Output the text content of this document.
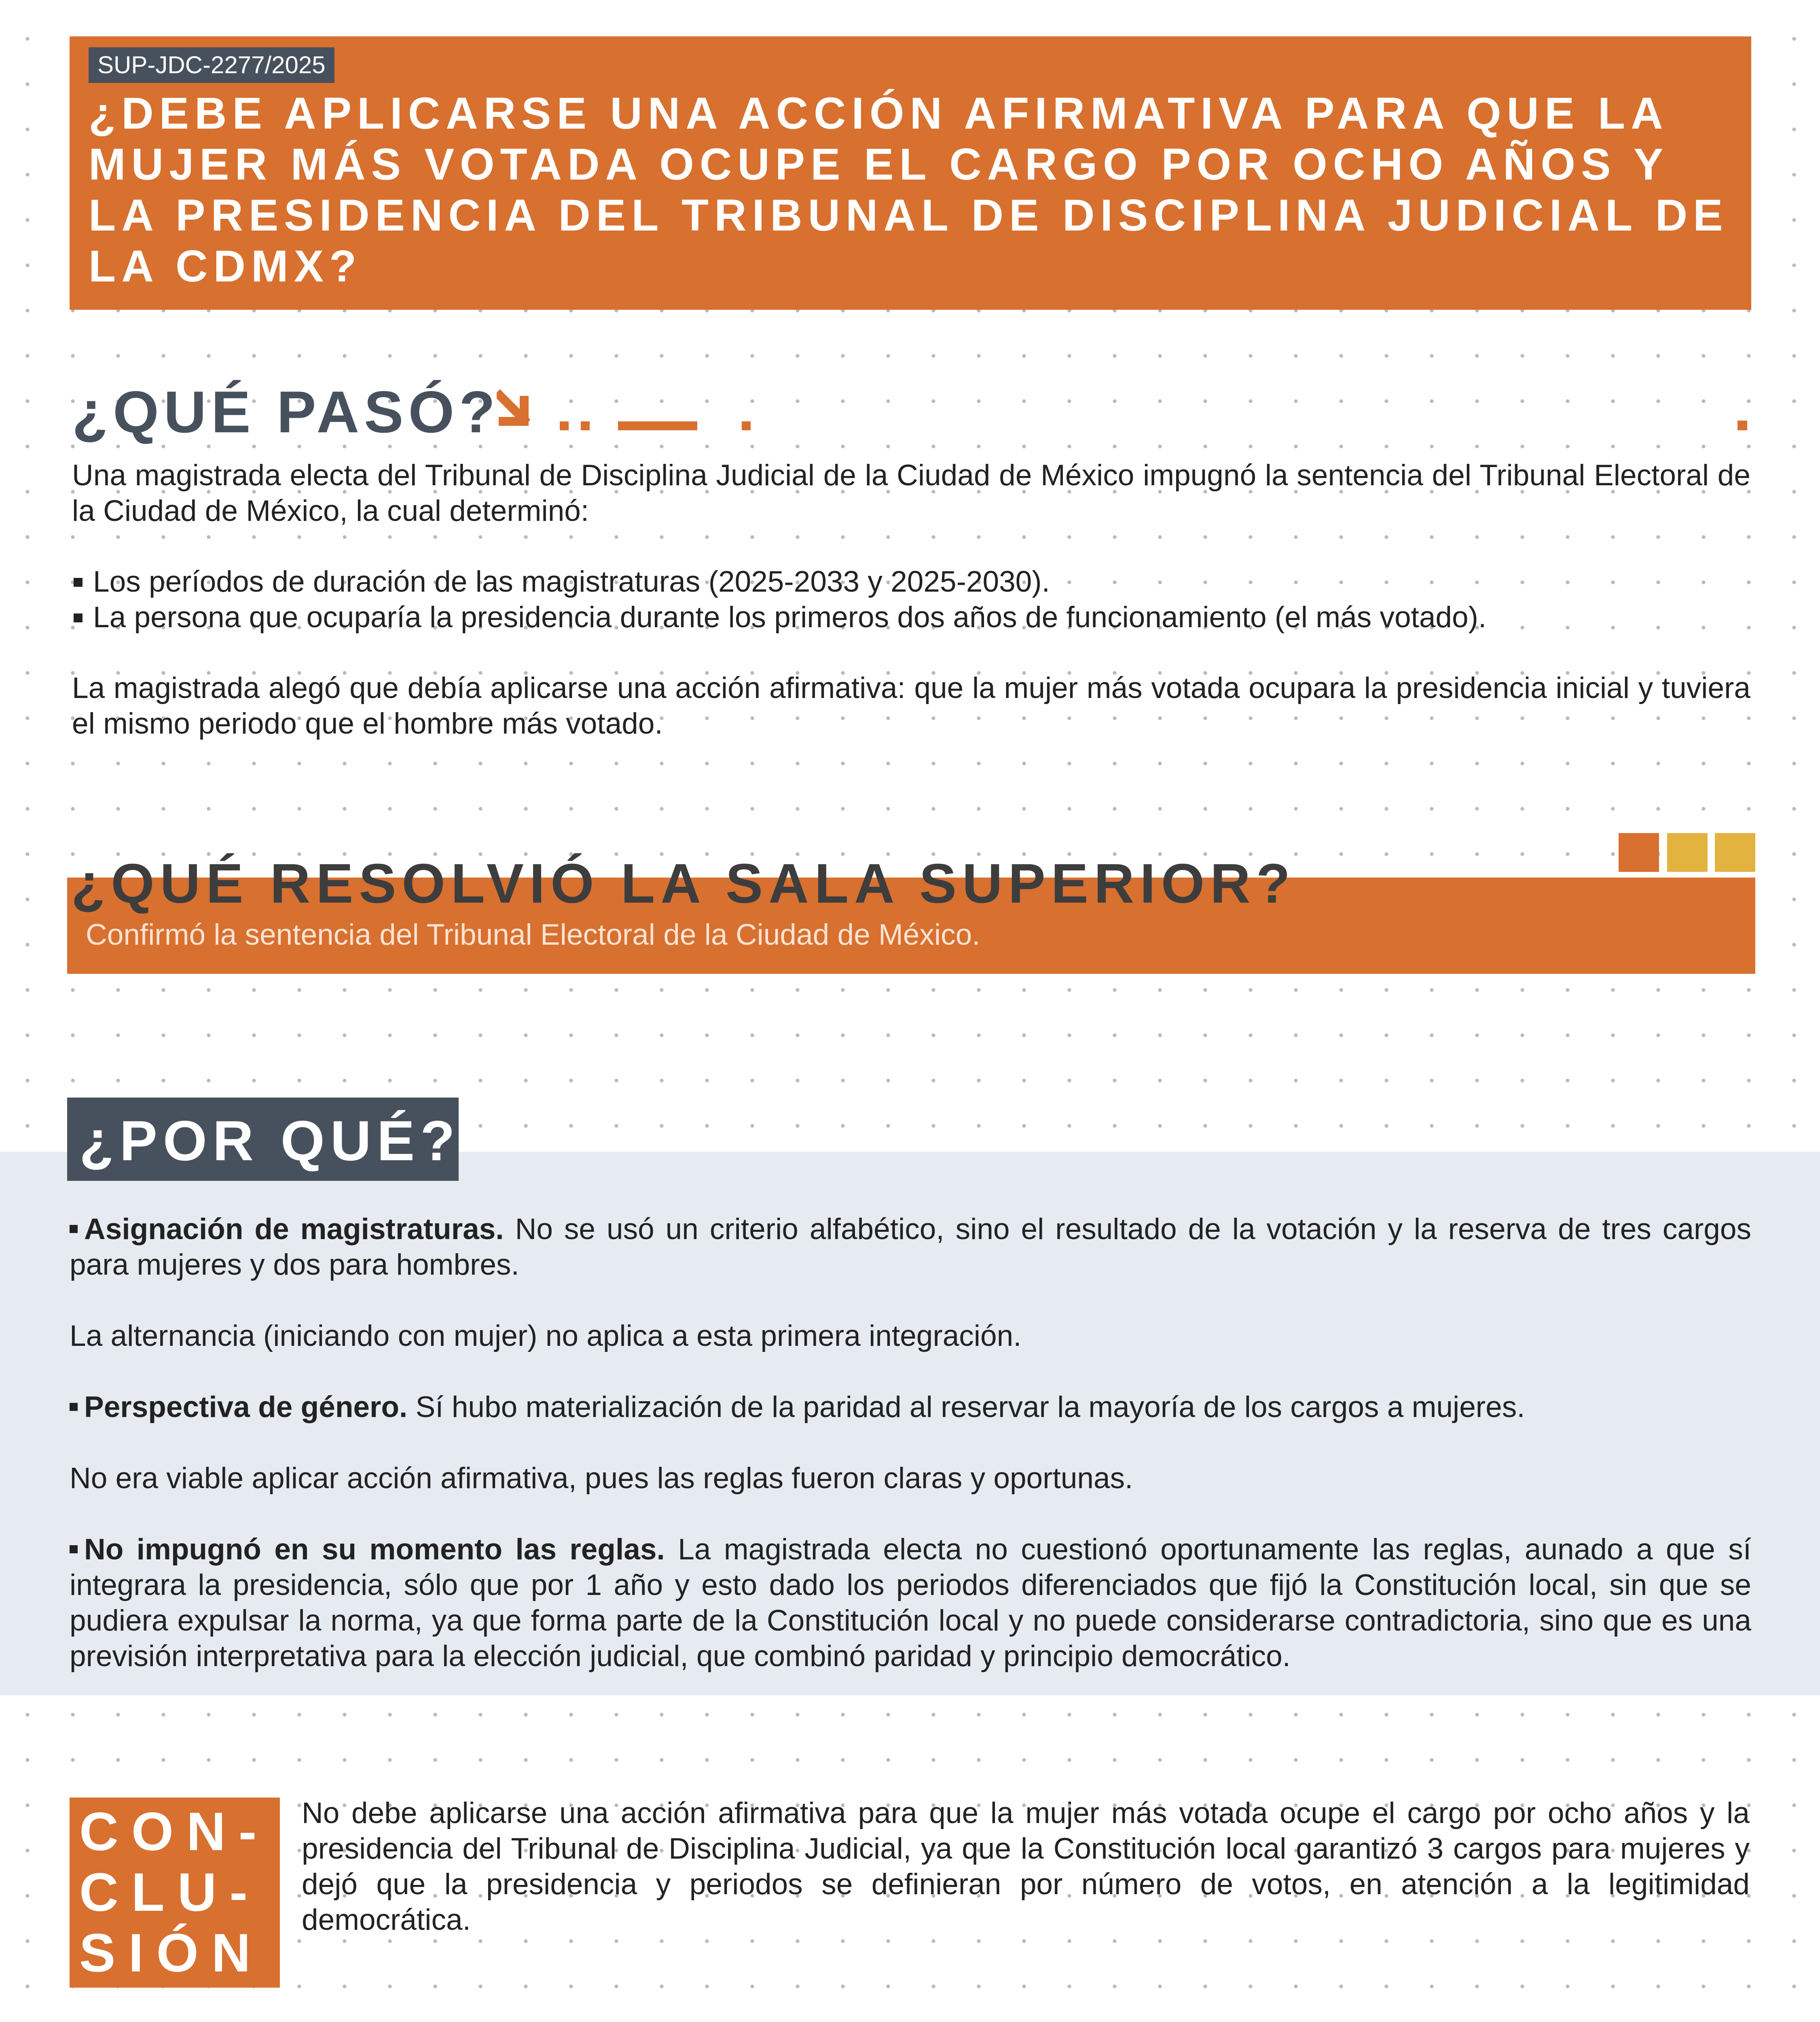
SUP-JDC-2277/2025
¿DEBE APLICARSE UNA ACCIÓN AFIRMATIVA PARA QUE LA MUJER MÁS VOTADA OCUPE EL CARGO POR OCHO AÑOS Y LA PRESIDENCIA DEL TRIBUNAL DE DISCIPLINA JUDICIAL DE LA CDMX?
¿QUÉ PASÓ?
Una magistrada electa del Tribunal de Disciplina Judicial de la Ciudad de México impugnó la sentencia del Tribunal Electoral de la Ciudad de México, la cual determinó:
Los períodos de duración de las magistraturas (2025-2033 y 2025-2030).
La persona que ocuparía la presidencia durante los primeros dos años de funcionamiento (el más votado).
La magistrada alegó que debía aplicarse una acción afirmativa: que la mujer más votada ocupara la presidencia inicial y tuviera el mismo periodo que el hombre más votado.
¿QUÉ RESOLVIÓ LA SALA SUPERIOR?
Confirmó la sentencia del Tribunal Electoral de la Ciudad de México.
¿POR QUÉ?

Asignación de magistraturas. No se usó un criterio alfabético, sino el resultado de la votación y la reserva de tres cargos para mujeres y dos para hombres.

La alternancia (iniciando con mujer) no aplica a esta primera integración.

Perspectiva de género. Sí hubo materialización de la paridad al reservar la mayoría de los cargos a mujeres.

No era viable aplicar acción afirmativa, pues las reglas fueron claras y oportunas.

No impugnó en su momento las reglas. La magistrada electa no cuestionó oportunamente las reglas, aunado a que sí integrara la presidencia, sólo que por 1 año y esto dado los periodos diferenciados que fijó la Constitución local, sin que se pudiera expulsar la norma, ya que forma parte de la Constitución local y no puede considerarse contradictoria, sino que es una previsión interpretativa para la elección judicial, que combinó paridad y principio democrático.

CON-
CLU-
SIÓN
No debe aplicarse una acción afirmativa para que la mujer más votada ocupe el cargo por ocho años y la presidencia del Tribunal de Disciplina Judicial, ya que la Constitución local garantizó 3 cargos para mujeres y dejó que la presidencia y periodos se definieran por número de votos, en atención a la legitimidad democrática.
